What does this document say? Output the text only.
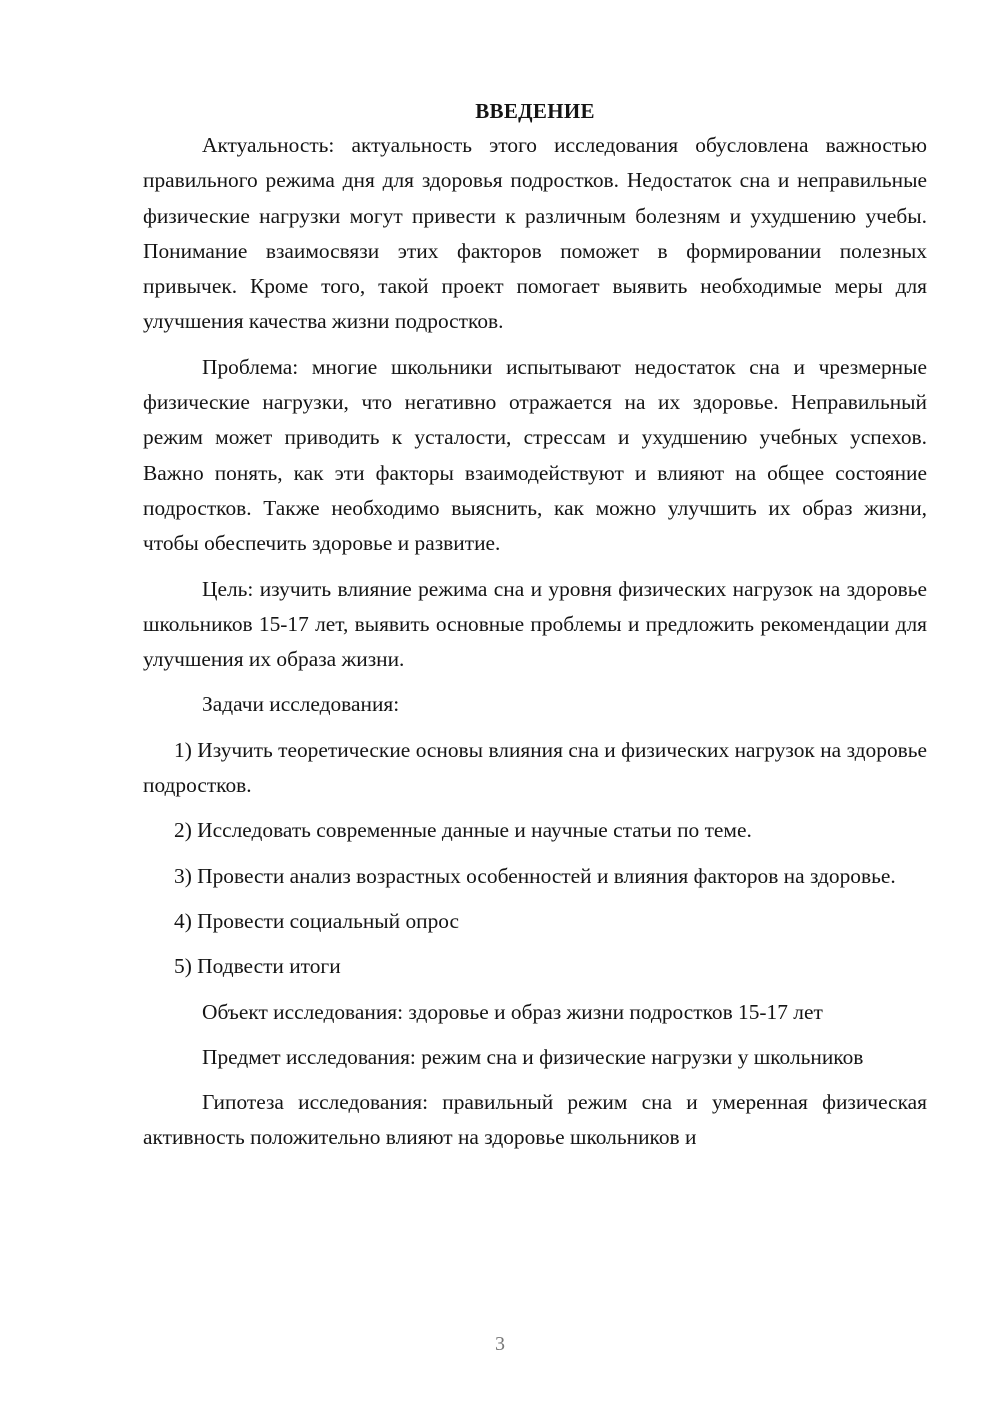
ВВЕДЕНИЕ

Актуальность: актуальность этого исследования обусловлена важностью правильного режима дня для здоровья подростков. Недостаток сна и неправильные физические нагрузки могут привести к различным болезням и ухудшению учебы. Понимание взаимосвязи этих факторов поможет в формировании полезных привычек. Кроме того, такой проект помогает выявить необходимые меры для улучшения качества жизни подростков.

Проблема: многие школьники испытывают недостаток сна и чрезмерные физические нагрузки, что негативно отражается на их здоровье. Неправильный режим может приводить к усталости, стрессам и ухудшению учебных успехов. Важно понять, как эти факторы взаимодействуют и влияют на общее состояние подростков. Также необходимо выяснить, как можно улучшить их образ жизни, чтобы обеспечить здоровье и развитие.

Цель: изучить влияние режима сна и уровня физических нагрузок на здоровье школьников 15-17 лет, выявить основные проблемы и предложить рекомендации для улучшения их образа жизни.

Задачи исследования:

1) Изучить теоретические основы влияния сна и физических нагрузок на здоровье подростков.

2) Исследовать современные данные и научные статьи по теме.

3) Провести анализ возрастных особенностей и влияния факторов на здоровье.

4) Провести социальный опрос

5) Подвести итоги

Объект исследования: здоровье и образ жизни подростков 15-17 лет

Предмет исследования: режим сна и физические нагрузки у школьников

Гипотеза исследования: правильный режим сна и умеренная физическая активность положительно влияют на здоровье школьников и

3
